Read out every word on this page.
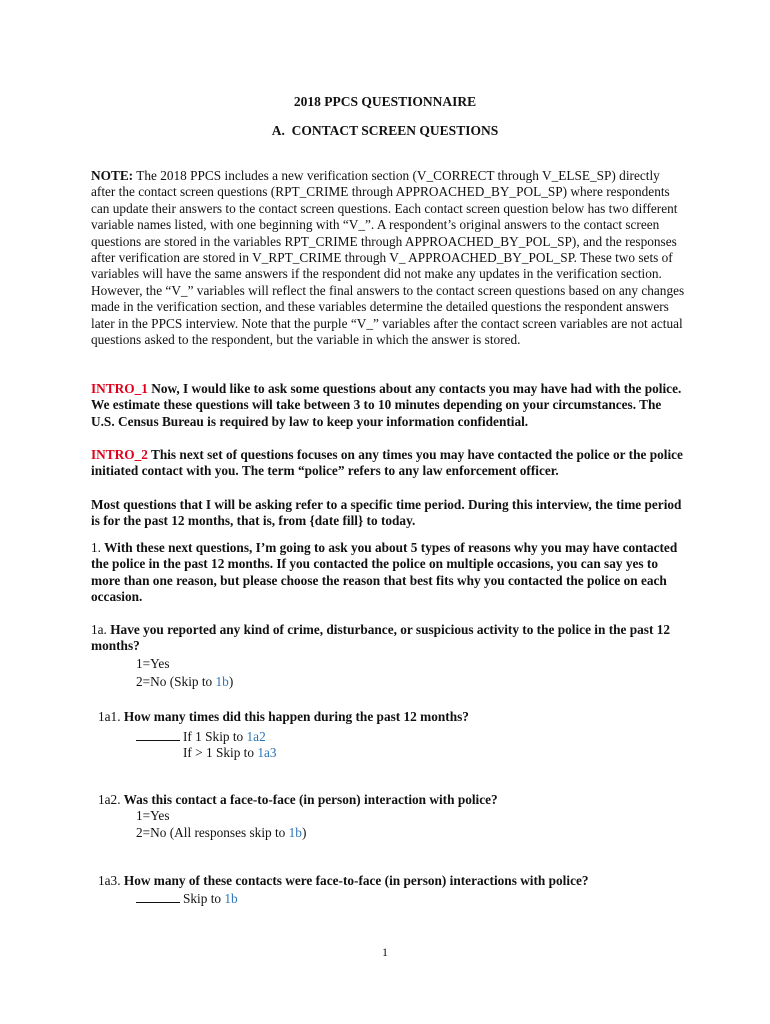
2018 PPCS QUESTIONNAIRE
A. CONTACT SCREEN QUESTIONS
NOTE: The 2018 PPCS includes a new verification section (V_CORRECT through V_ELSE_SP) directly after the contact screen questions (RPT_CRIME through APPROACHED_BY_POL_SP) where respondents can update their answers to the contact screen questions. Each contact screen question below has two different variable names listed, with one beginning with “V_”. A respondent’s original answers to the contact screen questions are stored in the variables RPT_CRIME through APPROACHED_BY_POL_SP), and the responses after verification are stored in V_RPT_CRIME through V_ APPROACHED_BY_POL_SP. These two sets of variables will have the same answers if the respondent did not make any updates in the verification section. However, the “V_” variables will reflect the final answers to the contact screen questions based on any changes made in the verification section, and these variables determine the detailed questions the respondent answers later in the PPCS interview. Note that the purple “V_” variables after the contact screen variables are not actual questions asked to the respondent, but the variable in which the answer is stored.
INTRO_1 Now, I would like to ask some questions about any contacts you may have had with the police. We estimate these questions will take between 3 to 10 minutes depending on your circumstances. The U.S. Census Bureau is required by law to keep your information confidential.
INTRO_2 This next set of questions focuses on any times you may have contacted the police or the police initiated contact with you. The term “police” refers to any law enforcement officer.
Most questions that I will be asking refer to a specific time period. During this interview, the time period is for the past 12 months, that is, from {date fill} to today.
1. With these next questions, I’m going to ask you about 5 types of reasons why you may have contacted the police in the past 12 months. If you contacted the police on multiple occasions, you can say yes to more than one reason, but please choose the reason that best fits why you contacted the police on each occasion.
1a. Have you reported any kind of crime, disturbance, or suspicious activity to the police in the past 12 months?
1=Yes
2=No (Skip to 1b)
1a1. How many times did this happen during the past 12 months?
If 1 Skip to 1a2
If > 1 Skip to 1a3
1a2. Was this contact a face-to-face (in person) interaction with police?
1=Yes
2=No (All responses skip to 1b)
1a3. How many of these contacts were face-to-face (in person) interactions with police?
Skip to 1b
1
